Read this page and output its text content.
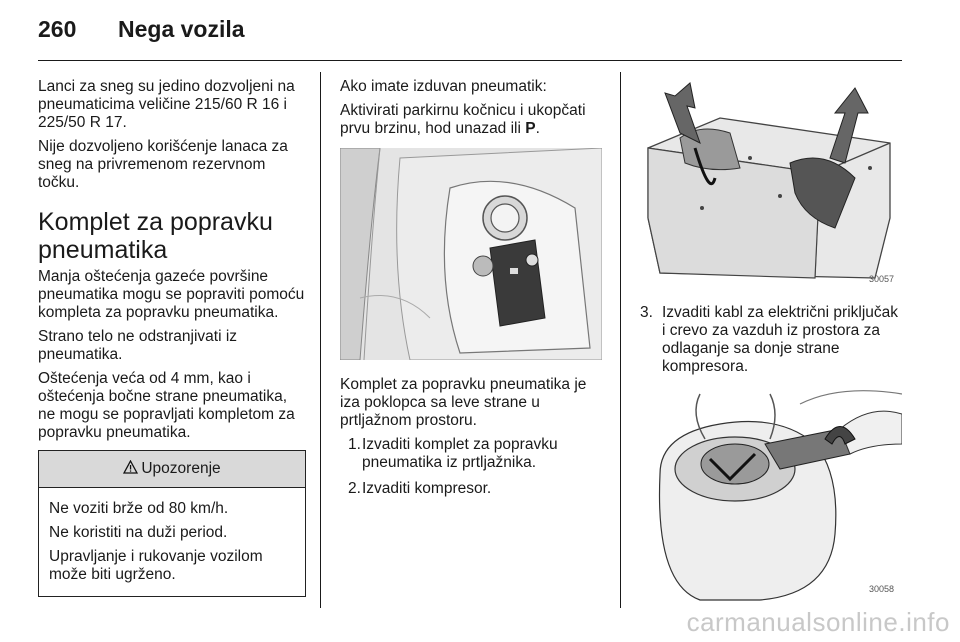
260 Nega vozila

Lanci za sneg su jedino dozvoljeni na pneumaticima veličine 215/60 R 16 i 225/50 R 17.

Nije dozvoljeno korišćenje lanaca za sneg na privremenom rezervnom točku.

Komplet za popravku pneumatika

Manja oštećenja gazeće površine pneumatika mogu se popraviti pomoću kompleta za popravku pneumatika.

Strano telo ne odstranjivati iz pneumatika.

Oštećenja veća od 4 mm, kao i oštećenja bočne strane pneumatika, ne mogu se popravljati kompletom za popravku pneumatika.

Upozorenje

Ne voziti brže od 80 km/h.

Ne koristiti na duži period.

Upravljanje i rukovanje vozilom može biti ugrženo.

Ako imate izduvan pneumatik:

Aktivirati parkirnu kočnicu i ukopčati prvu brzinu, hod unazad ili P.

Komplet za popravku pneumatika je iza poklopca sa leve strane u prtljažnom prostoru.

1. Izvaditi komplet za popravku pneumatika iz prtljažnika.
2. Izvaditi kompresor.
30057
3. Izvaditi kabl za električni priključak i crevo za vazduh iz prostora za odlaganje sa donje strane kompresora.
30058
carmanualsonline.info
